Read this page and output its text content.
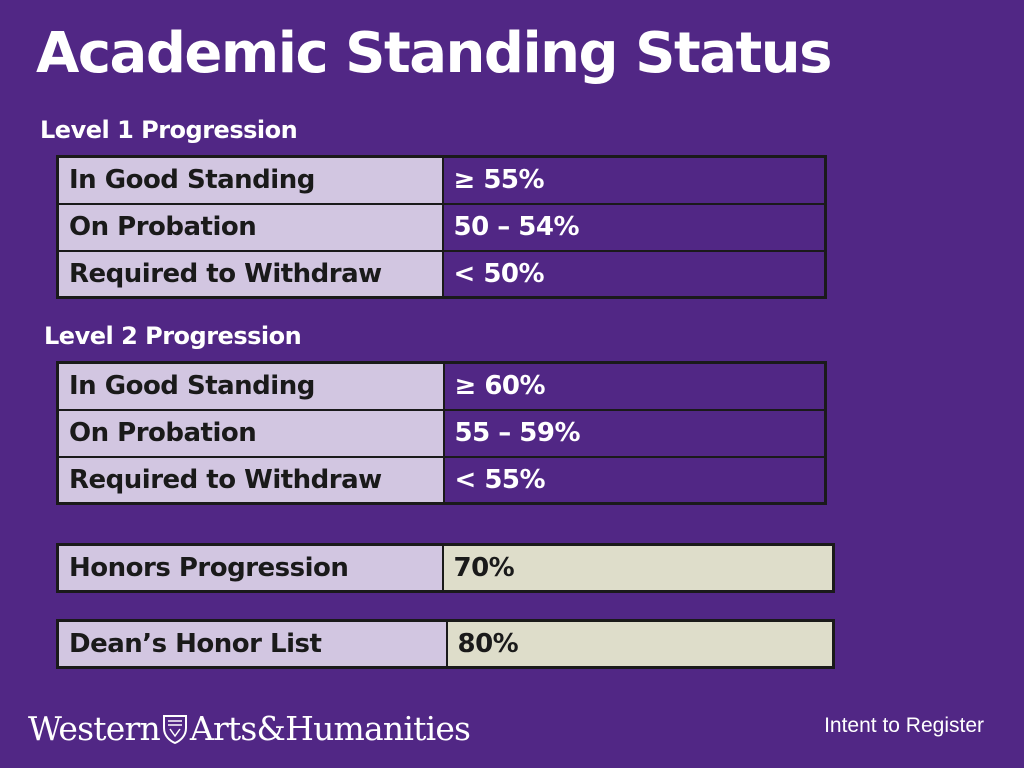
Academic Standing Status
Level 1 Progression
In Good Standing	≥ 55%
On Probation	50 – 54%
Required to Withdraw	< 50%
Level 2 Progression
In Good Standing	≥ 60%
On Probation	55 – 59%
Required to Withdraw	< 55%
Honors Progression	70%
Dean’s Honor List	80%
Western Arts&Humanities	Intent to Register
